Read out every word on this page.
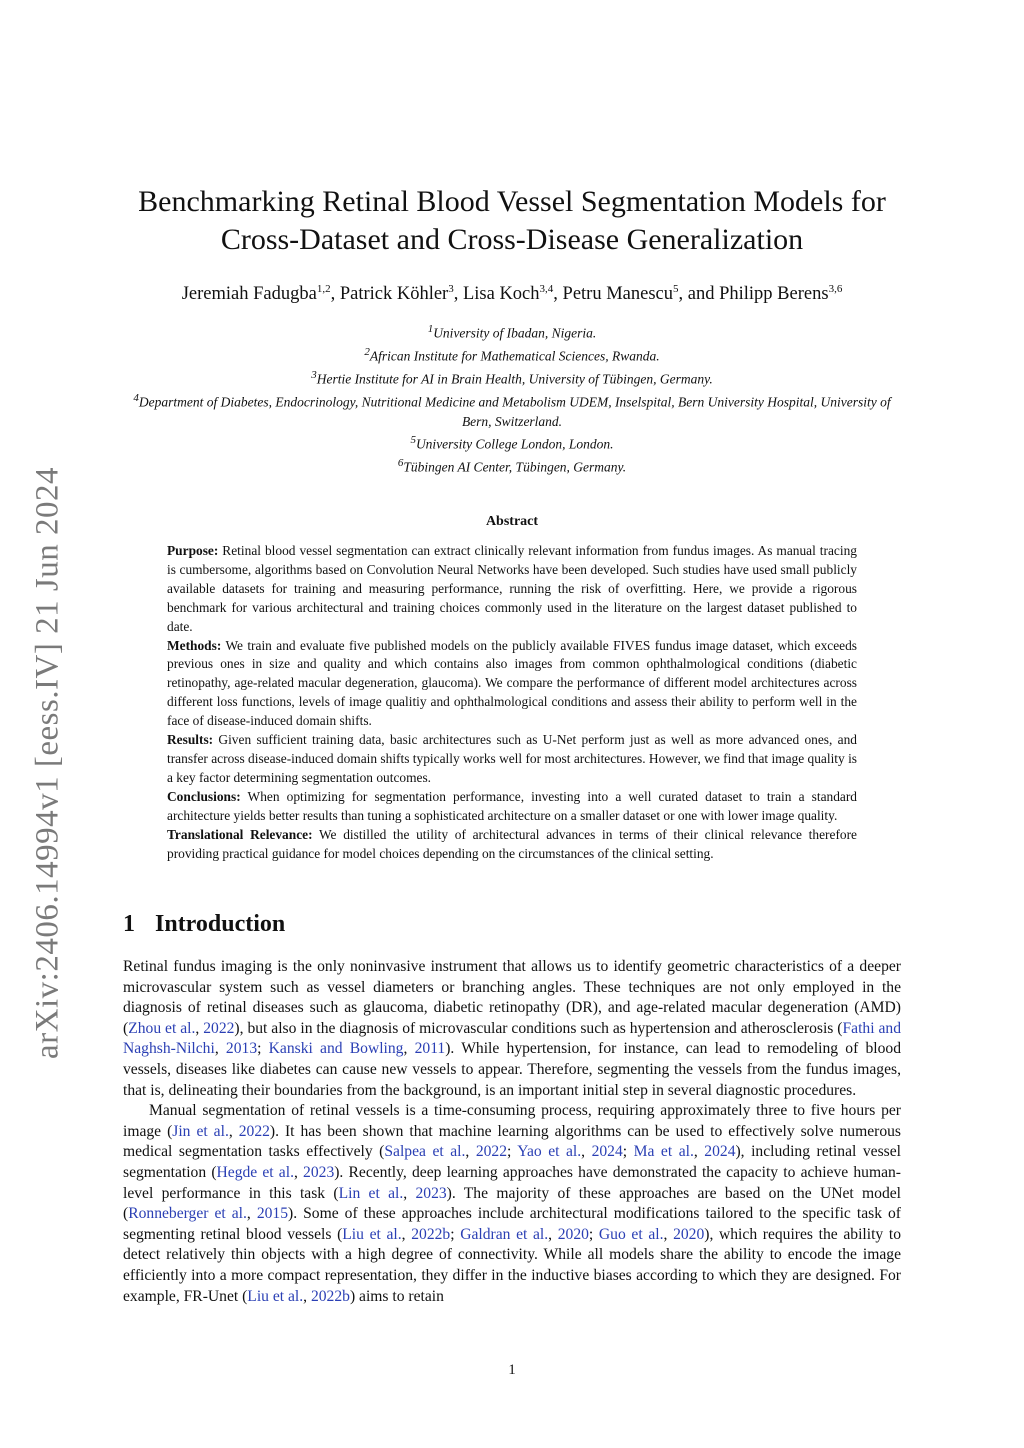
arXiv:2406.14994v1 [eess.IV] 21 Jun 2024
Benchmarking Retinal Blood Vessel Segmentation Models for
Cross-Dataset and Cross-Disease Generalization
Jeremiah Fadugba$^{1,2}$, Patrick Köhler$^3$, Lisa Koch$^{3,4}$, Petru Manescu$^5$, and Philipp Berens$^{3,6}$
$^1$University of Ibadan, Nigeria.
$^2$African Institute for Mathematical Sciences, Rwanda.
$^3$Hertie Institute for AI in Brain Health, University of Tübingen, Germany.
$^4$Department of Diabetes, Endocrinology, Nutritional Medicine and Metabolism UDEM, Inselspital, Bern University Hospital, University of Bern, Switzerland.
$^5$University College London, London.
$^6$Tübingen AI Center, Tübingen, Germany.
Abstract

Purpose: Retinal blood vessel segmentation can extract clinically relevant information from fundus images. As manual tracing is cumbersome, algorithms based on Convolution Neural Networks have been developed. Such studies have used small publicly available datasets for training and measuring performance, running the risk of overfitting. Here, we provide a rigorous benchmark for various architectural and training choices commonly used in the literature on the largest dataset published to date.

Methods: We train and evaluate five published models on the publicly available FIVES fundus image dataset, which exceeds previous ones in size and quality and which contains also images from common ophthalmological conditions (diabetic retinopathy, age-related macular degeneration, glaucoma). We compare the performance of different model architectures across different loss functions, levels of image qualitiy and ophthalmological conditions and assess their ability to perform well in the face of disease-induced domain shifts.

Results: Given sufficient training data, basic architectures such as U-Net perform just as well as more advanced ones, and transfer across disease-induced domain shifts typically works well for most architectures. However, we find that image quality is a key factor determining segmentation outcomes.

Conclusions: When optimizing for segmentation performance, investing into a well curated dataset to train a standard architecture yields better results than tuning a sophisticated architecture on a smaller dataset or one with lower image quality.

Translational Relevance: We distilled the utility of architectural advances in terms of their clinical relevance therefore providing practical guidance for model choices depending on the circumstances of the clinical setting.

1 Introduction

Retinal fundus imaging is the only noninvasive instrument that allows us to identify geometric characteristics of a deeper microvascular system such as vessel diameters or branching angles. These techniques are not only employed in the diagnosis of retinal diseases such as glaucoma, diabetic retinopathy (DR), and age-related macular degeneration (AMD) (Zhou et al., 2022), but also in the diagnosis of microvascular conditions such as hypertension and atherosclerosis (Fathi and Naghsh-Nilchi, 2013; Kanski and Bowling, 2011). While hypertension, for instance, can lead to remodeling of blood vessels, diseases like diabetes can cause new vessels to appear. Therefore, segmenting the vessels from the fundus images, that is, delineating their boundaries from the background, is an important initial step in several diagnostic procedures.

Manual segmentation of retinal vessels is a time-consuming process, requiring approximately three to five hours per image (Jin et al., 2022). It has been shown that machine learning algorithms can be used to effectively solve numerous medical segmentation tasks effectively (Salpea et al., 2022; Yao et al., 2024; Ma et al., 2024), including retinal vessel segmentation (Hegde et al., 2023). Recently, deep learning approaches have demonstrated the capacity to achieve human-level performance in this task (Lin et al., 2023). The majority of these approaches are based on the UNet model (Ronneberger et al., 2015). Some of these approaches include architectural modifications tailored to the specific task of segmenting retinal blood vessels (Liu et al., 2022b; Galdran et al., 2020; Guo et al., 2020), which requires the ability to detect relatively thin objects with a high degree of connectivity. While all models share the ability to encode the image efficiently into a more compact representation, they differ in the inductive biases according to which they are designed. For example, FR-Unet (Liu et al., 2022b) aims to retain

1
